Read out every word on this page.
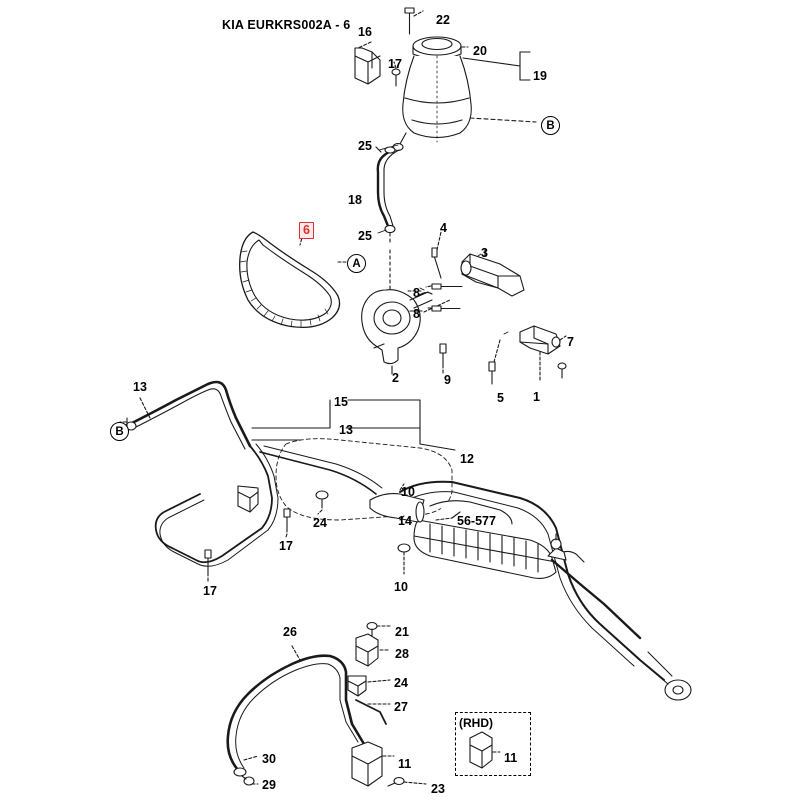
KIA EURKRS002A - 6
(RHD)
A
B
B
22
16
20
17
19
25
18
25
4
3
6
8
8
7
2	9
5 1
13
15
13
12
10
14	56-577
24
17
17	10
26	21
28
24
27
11
11
23
30
29
